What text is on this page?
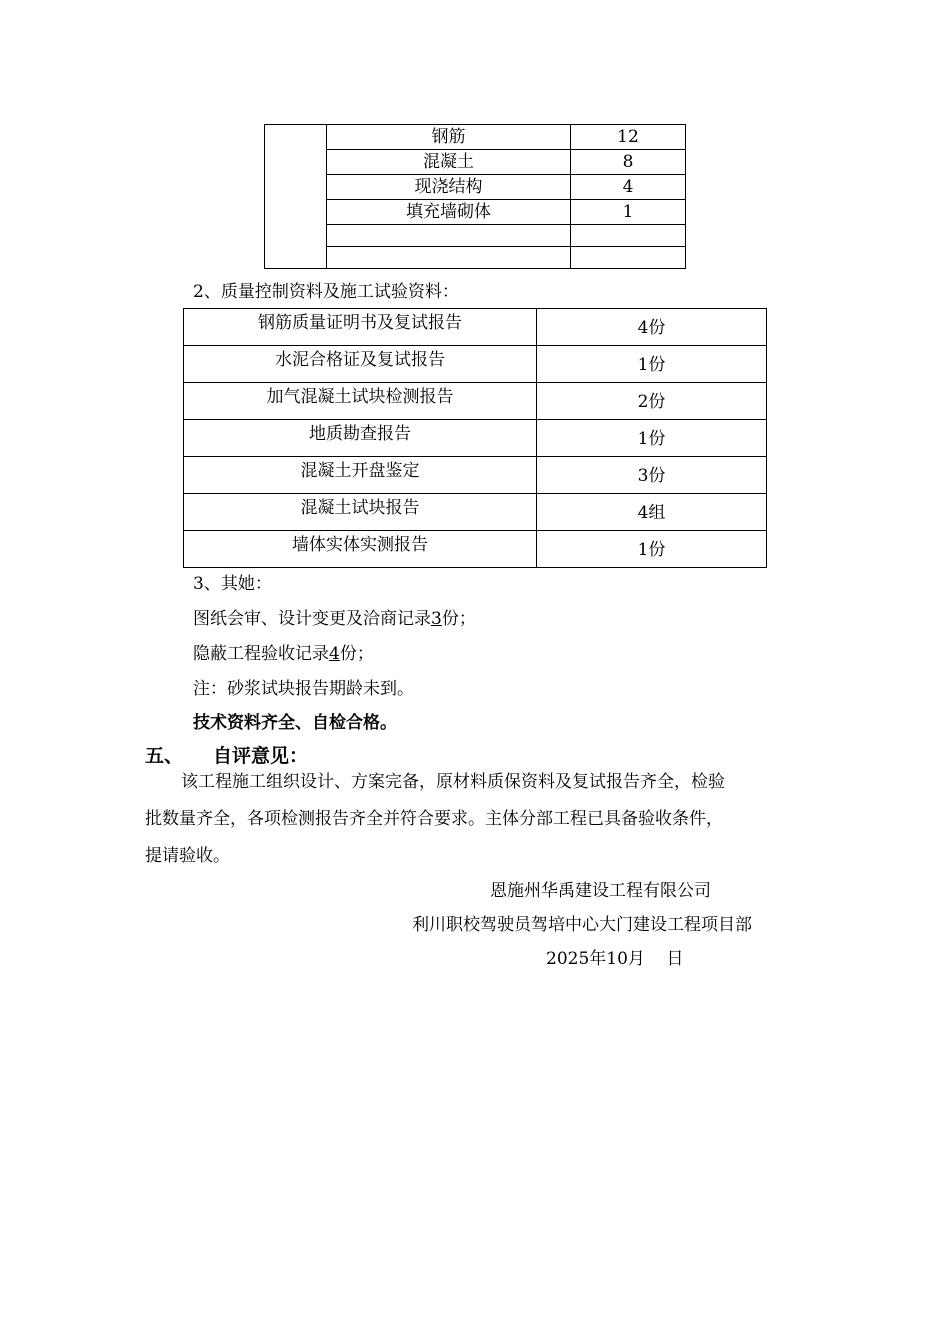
	钢筋	12
	混凝土	8
	现浇结构	4
	填充墙砌体	1

2、质量控制资料及施工试验资料：
钢筋质量证明书及复试报告	4份
水泥合格证及复试报告	1份
加气混凝土试块检测报告	2份
地质勘查报告	1份
混凝土开盘鉴定	3份
混凝土试块报告	4组
墙体实体实测报告	1份
3、其她：
图纸会审、设计变更及洽商记录3份；
隐蔽工程验收记录4份；
注：砂浆试块报告期龄未到。
技术资料齐全、自检合格。
五、 自评意见：
该工程施工组织设计、方案完备，原材料质保资料及复试报告齐全，检验
批数量齐全，各项检测报告齐全并符合要求。主体分部工程已具备验收条件，
提请验收。
恩施州华禹建设工程有限公司
利川职校驾驶员驾培中心大门建设工程项目部
2025年10月    日
